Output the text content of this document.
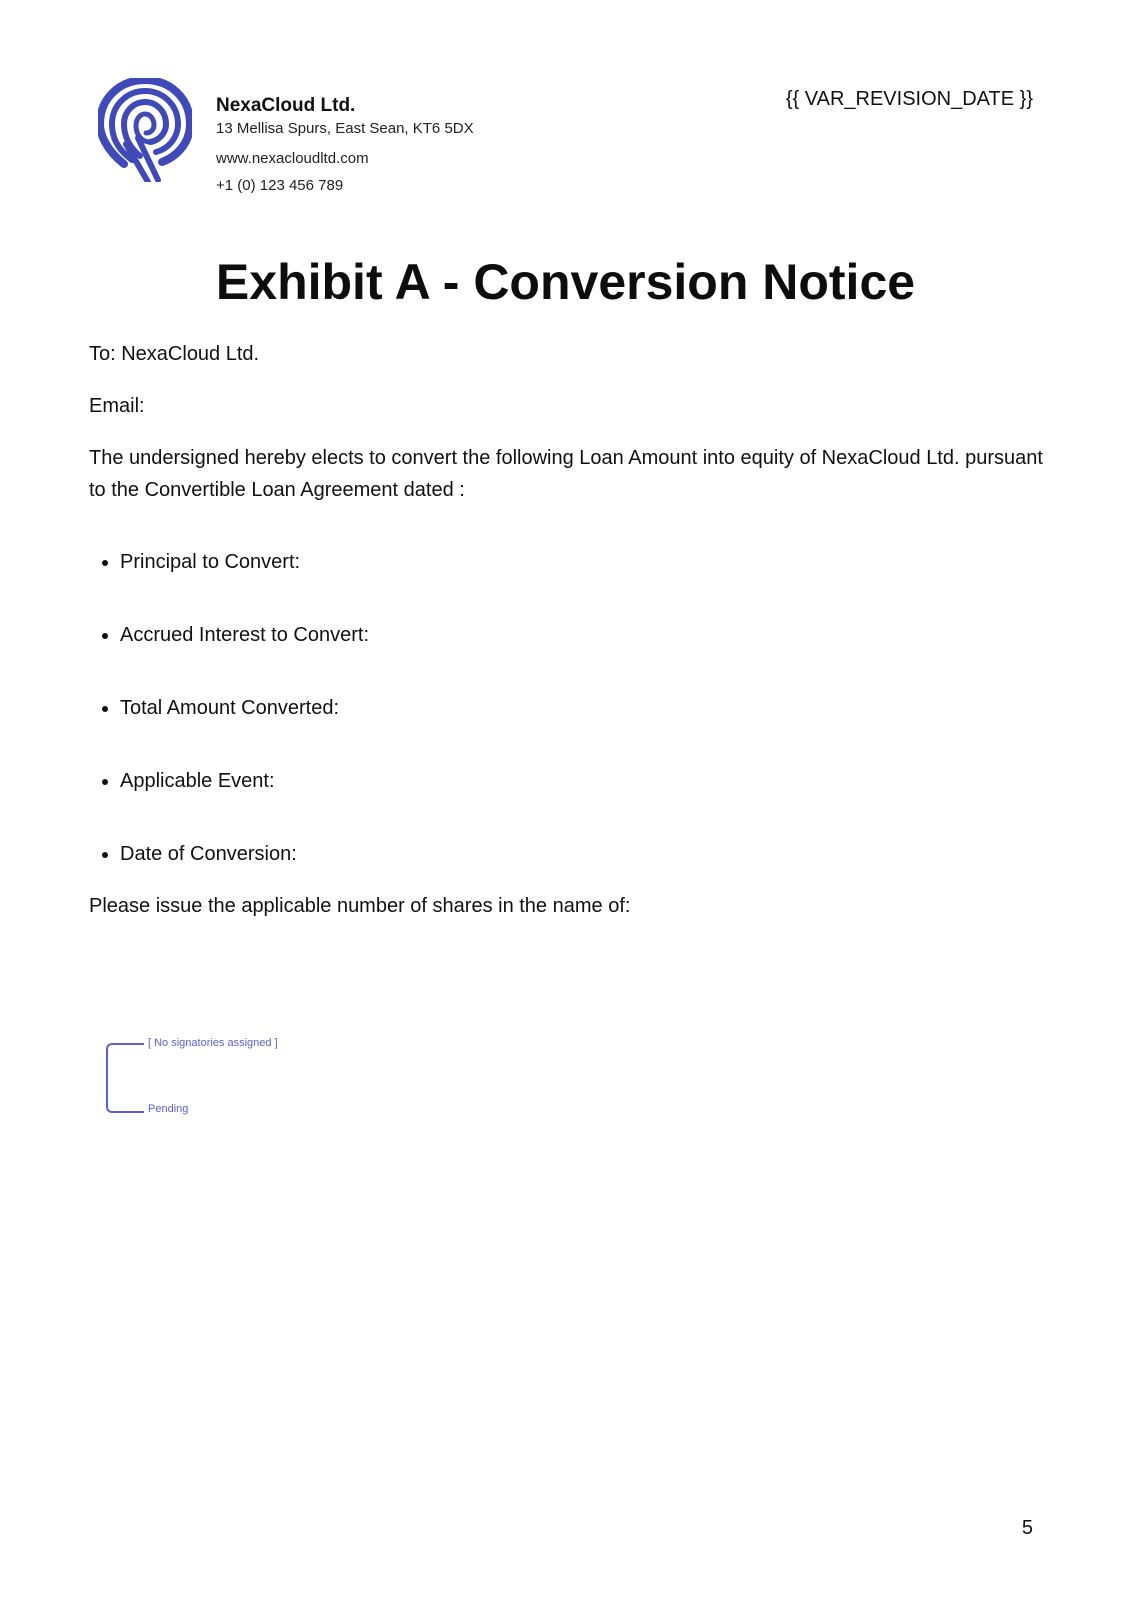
NexaCloud Ltd.
13 Mellisa Spurs, East Sean, KT6 5DX
www.nexacloudltd.com
+1 (0) 123 456 789
{{ VAR_REVISION_DATE }}
Exhibit A - Conversion Notice
To: NexaCloud Ltd.
Email:
The undersigned hereby elects to convert the following Loan Amount into equity of NexaCloud Ltd. pursuant to the Convertible Loan Agreement dated :
Principal to Convert:
Accrued Interest to Convert:
Total Amount Converted:
Applicable Event:
Date of Conversion:
Please issue the applicable number of shares in the name of:
[ No signatories assigned ]
Pending
5
